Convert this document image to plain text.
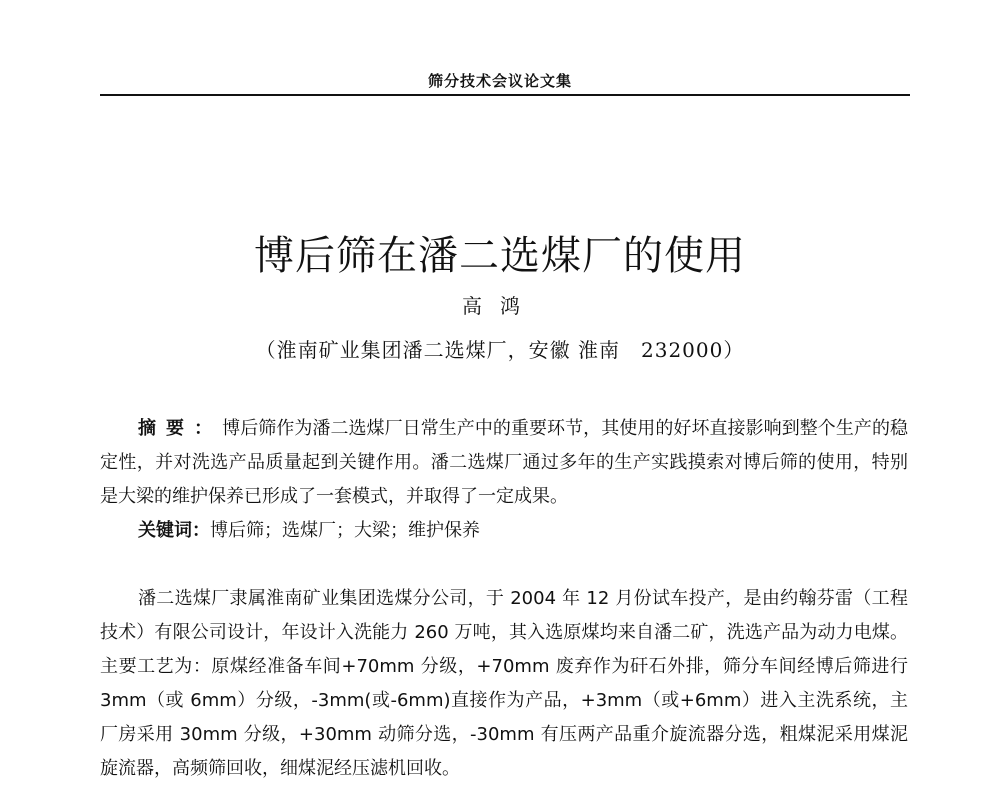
筛分技术会议论文集
博后筛在潘二选煤厂的使用
高鸿
（淮南矿业集团潘二选煤厂，安徽 淮南　232000）

摘要：博后筛作为潘二选煤厂日常生产中的重要环节，其使用的好坏直接影响到整个生产的稳定性，并对洗选产品质量起到关键作用。潘二选煤厂通过多年的生产实践摸索对博后筛的使用，特别是大梁的维护保养已形成了一套模式，并取得了一定成果。

关键词：博后筛；选煤厂；大梁；维护保养

潘二选煤厂隶属淮南矿业集团选煤分公司，于 2004 年 12 月份试车投产，是由约翰芬雷（工程技术）有限公司设计，年设计入洗能力 260 万吨，其入选原煤均来自潘二矿，洗选产品为动力电煤。主要工艺为：原煤经准备车间+70mm 分级，+70mm 废弃作为矸石外排，筛分车间经博后筛进行 3mm（或 6mm）分级，-3mm(或-6mm)直接作为产品，+3mm（或+6mm）进入主洗系统，主厂房采用 30mm 分级，+30mm 动筛分选，-30mm 有压两产品重介旋流器分选，粗煤泥采用煤泥旋流器，高频筛回收，细煤泥经压滤机回收。
